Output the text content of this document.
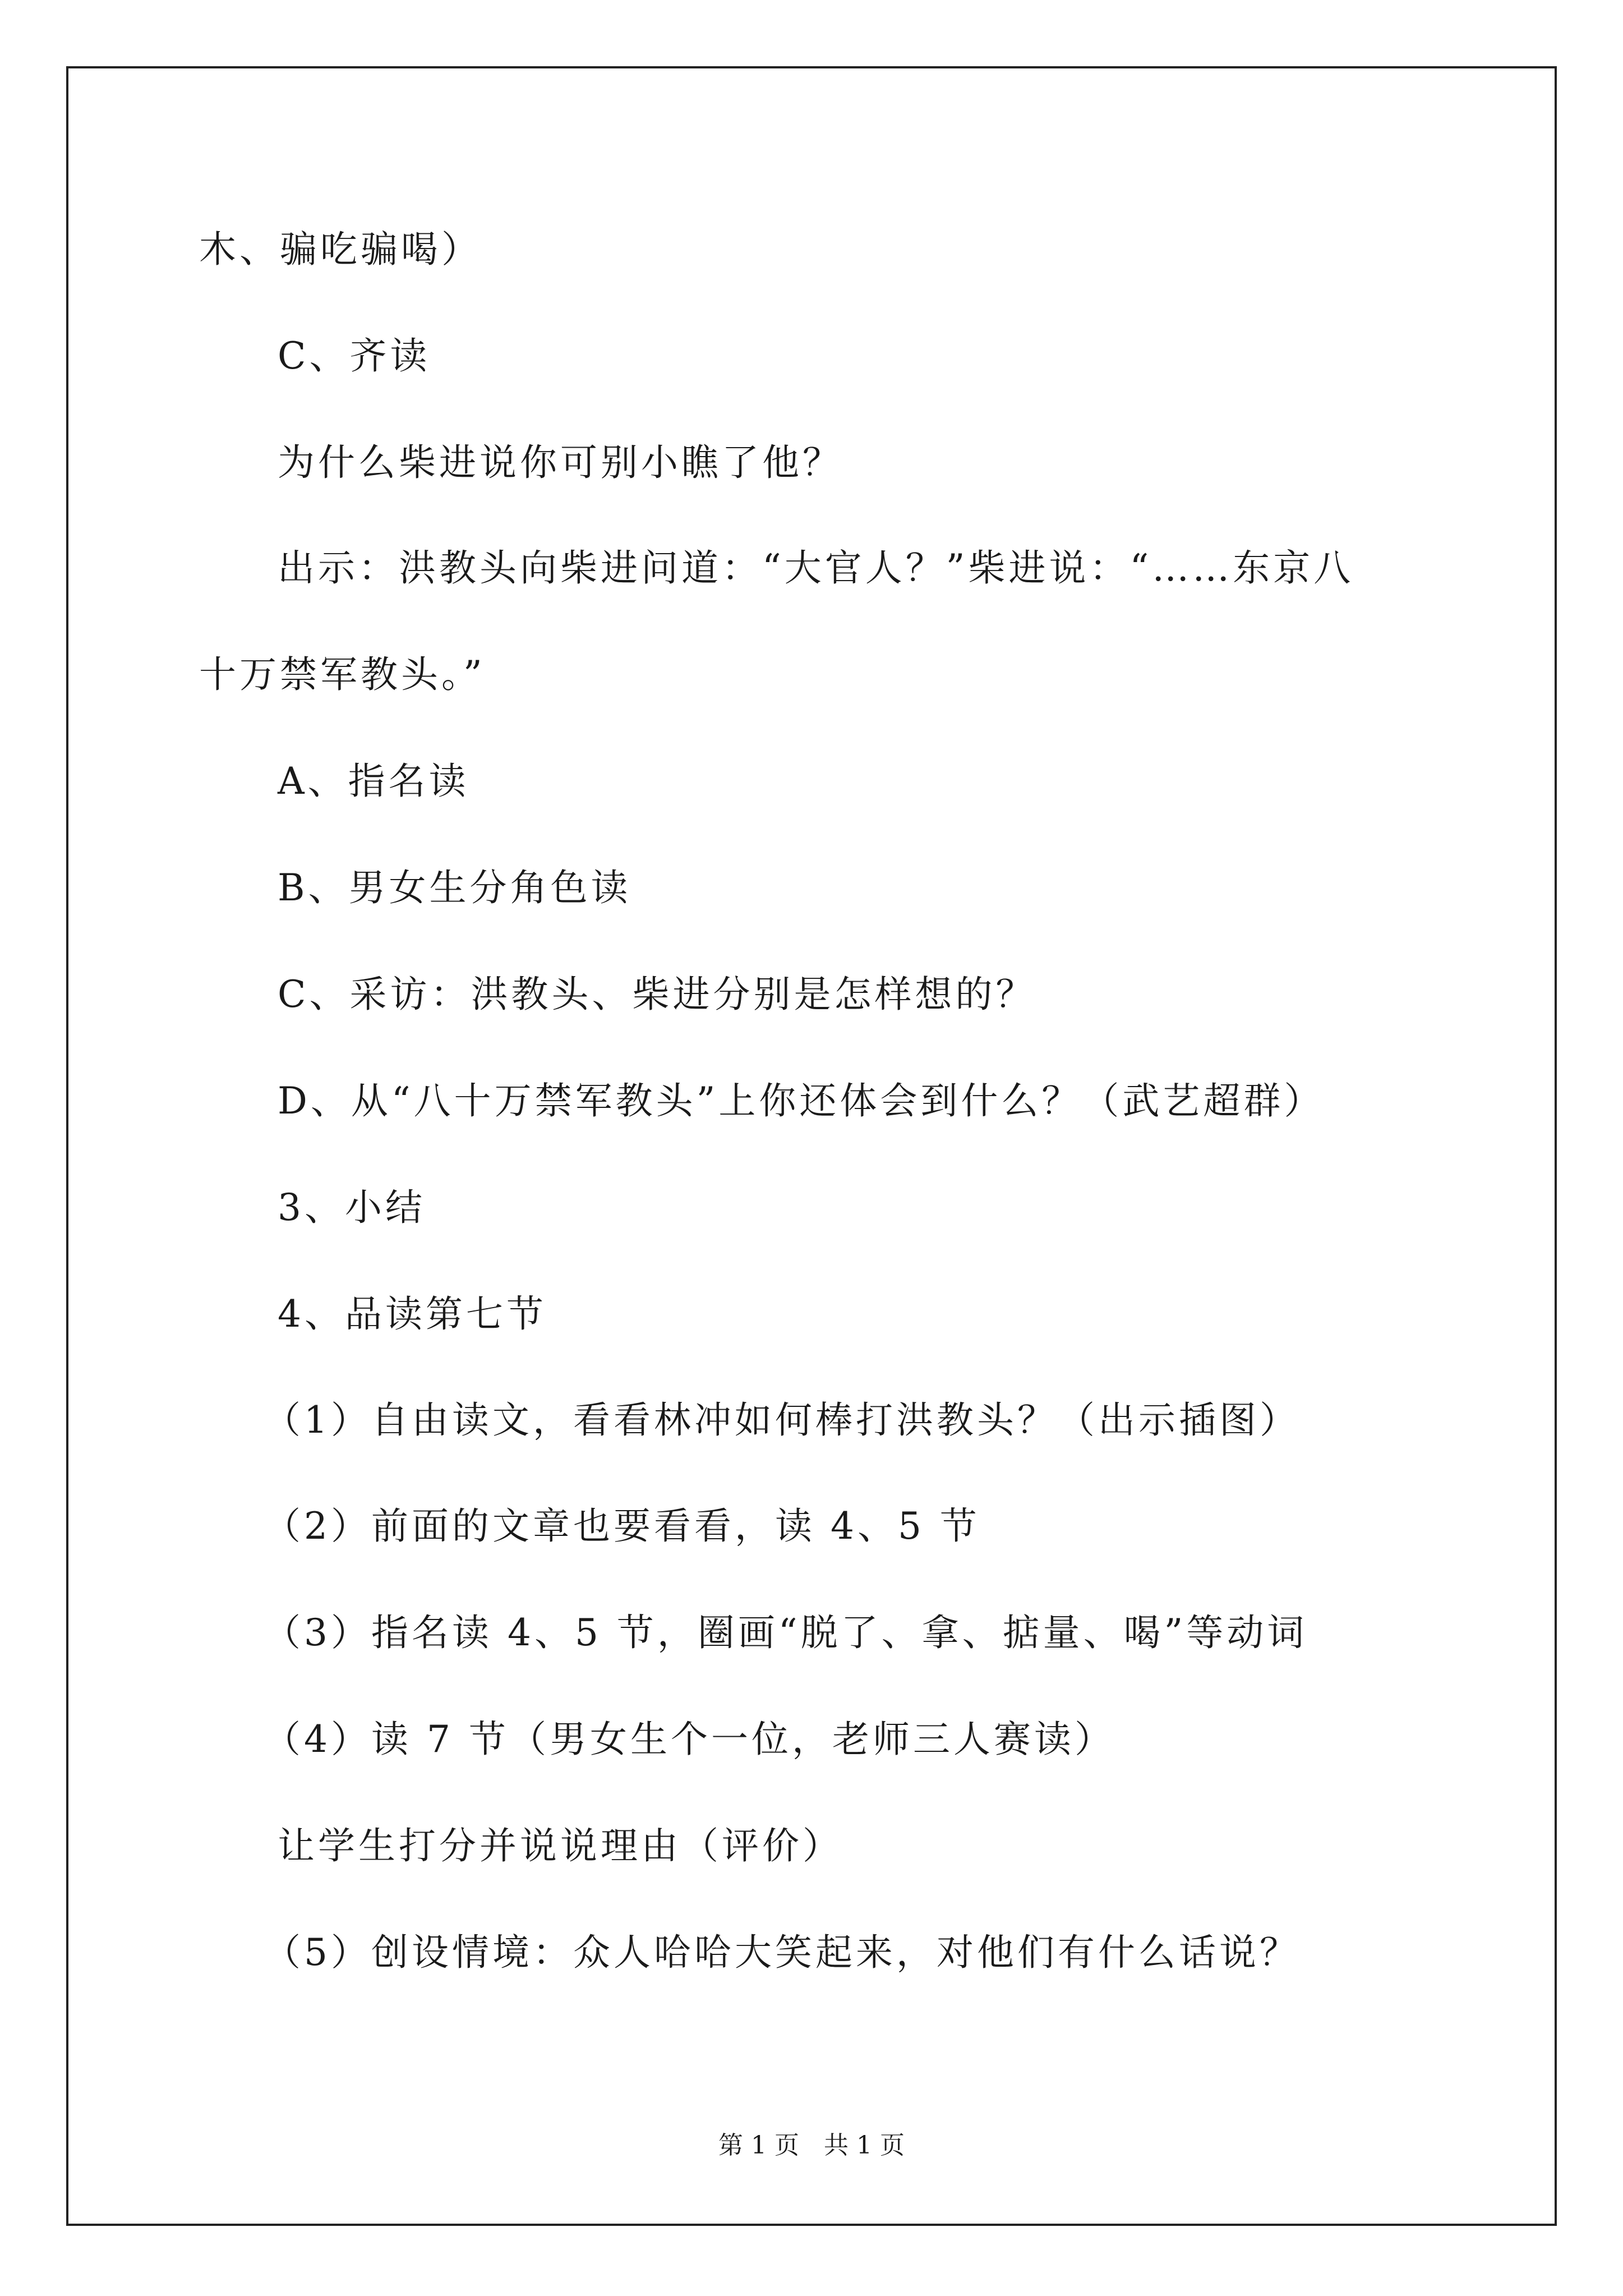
木、骗吃骗喝）
C、齐读
为什么柴进说你可别小瞧了他？
出示：洪教头向柴进问道：“大官人？”柴进说：“……东京八
十万禁军教头。”
A、指名读
B、男女生分角色读
C、采访：洪教头、柴进分别是怎样想的？
D、从“八十万禁军教头”上你还体会到什么？（武艺超群）
3、小结
4、品读第七节
（1）自由读文，看看林冲如何棒打洪教头？（出示插图）
（2）前面的文章也要看看，读 4、5 节
（3）指名读 4、5 节，圈画“脱了、拿、掂量、喝”等动词
（4）读 7 节（男女生个一位，老师三人赛读）
让学生打分并说说理由（评价）
（5）创设情境：众人哈哈大笑起来，对他们有什么话说？
第 1 页　共 1 页
